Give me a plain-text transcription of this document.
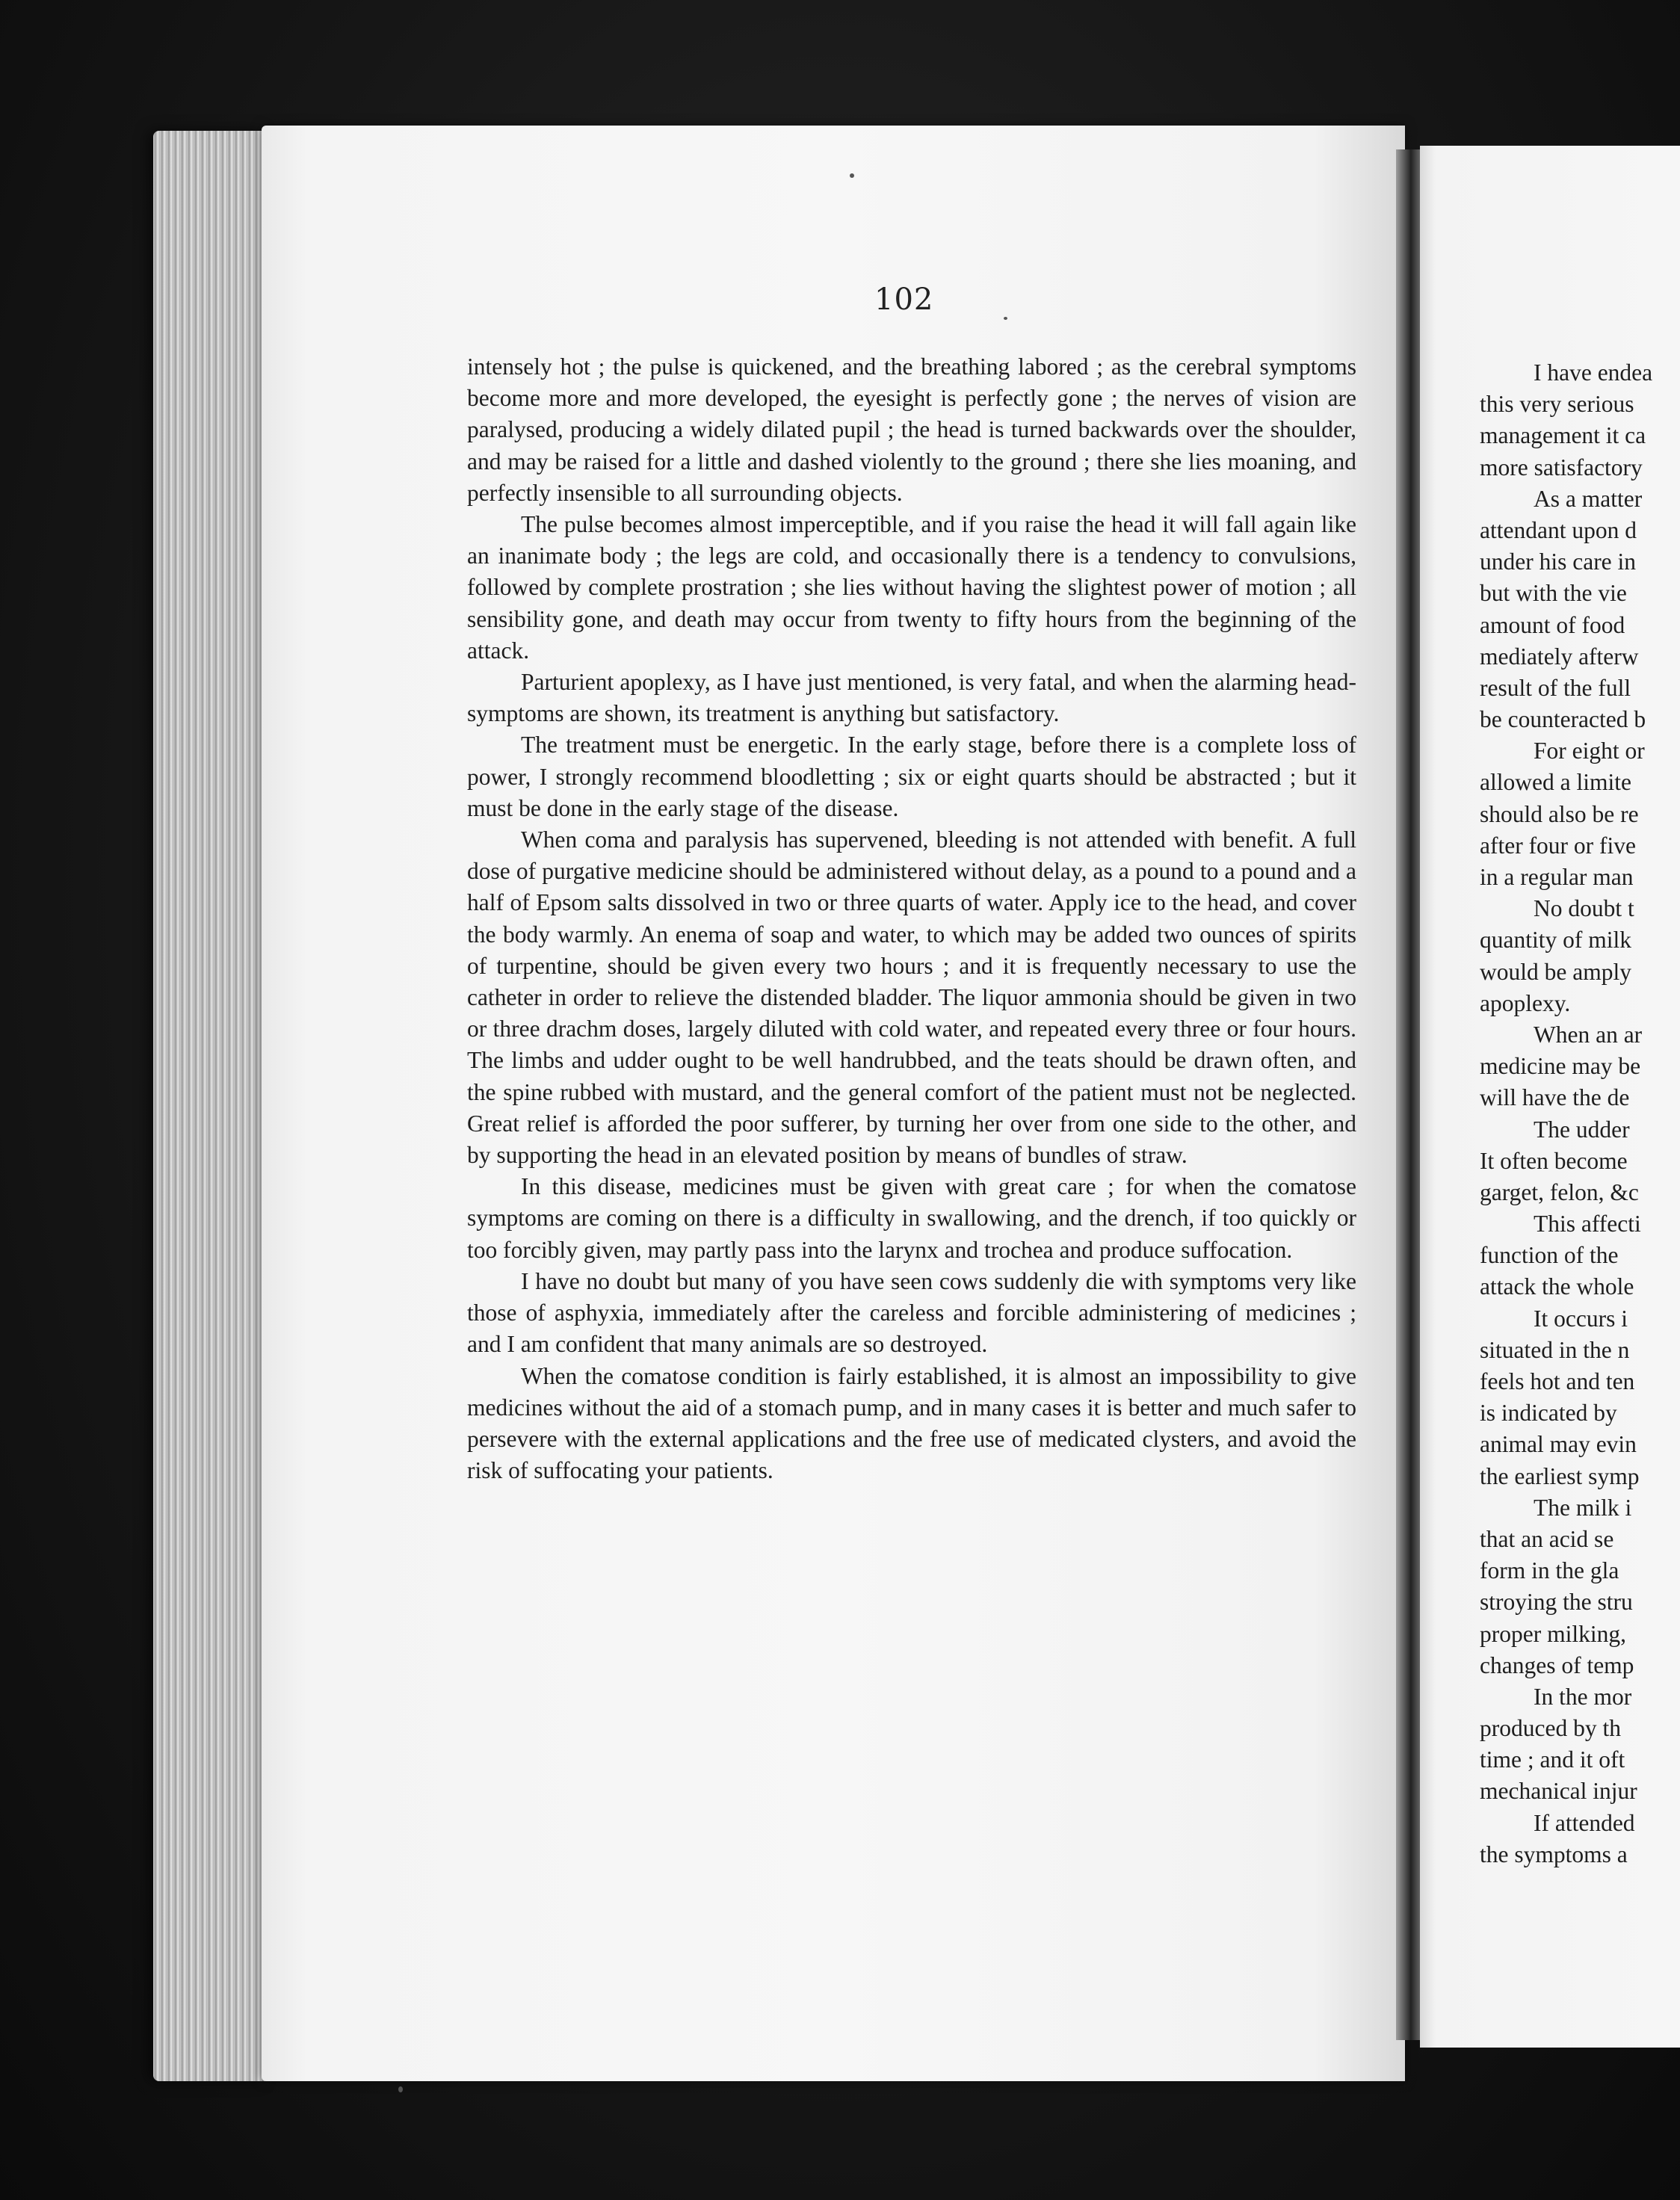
102

intensely hot ; the pulse is quickened, and the breathing labored ; as the cerebral symptoms become more and more developed, the eyesight is perfectly gone ; the nerves of vision are paralysed, producing a widely dilated pupil ; the head is turned backwards over the shoulder, and may be raised for a little and dashed violently to the ground ; there she lies moaning, and perfectly insensible to all surrounding objects.

The pulse becomes almost imperceptible, and if you raise the head it will fall again like an inanimate body ; the legs are cold, and occasionally there is a tendency to convulsions, followed by complete prostration ; she lies without having the slightest power of motion ; all sensibility gone, and death may occur from twenty to fifty hours from the beginning of the attack.

Parturient apoplexy, as I have just mentioned, is very fatal, and when the alarming head-symptoms are shown, its treatment is anything but satisfactory.

The treatment must be energetic. In the early stage, before there is a complete loss of power, I strongly recommend bloodletting ; six or eight quarts should be abstracted ; but it must be done in the early stage of the disease.

When coma and paralysis has supervened, bleeding is not attended with benefit. A full dose of purgative medicine should be administered without delay, as a pound to a pound and a half of Epsom salts dissolved in two or three quarts of water. Apply ice to the head, and cover the body warmly. An enema of soap and water, to which may be added two ounces of spirits of turpentine, should be given every two hours ; and it is frequently necessary to use the catheter in order to relieve the distended bladder. The liquor ammonia should be given in two or three drachm doses, largely diluted with cold water, and repeated every three or four hours. The limbs and udder ought to be well handrubbed, and the teats should be drawn often, and the spine rubbed with mustard, and the general comfort of the patient must not be neglected. Great relief is afforded the poor sufferer, by turning her over from one side to the other, and by supporting the head in an elevated position by means of bundles of straw.

In this disease, medicines must be given with great care ; for when the comatose symptoms are coming on there is a difficulty in swallowing, and the drench, if too quickly or too forcibly given, may partly pass into the larynx and trochea and produce suffocation.

I have no doubt but many of you have seen cows suddenly die with symptoms very like those of asphyxia, immediately after the careless and forcible administering of medicines ; and I am confident that many animals are so destroyed.

When the comatose condition is fairly established, it is almost an impossibility to give medicines without the aid of a stomach pump, and in many cases it is better and much safer to persevere with the external applications and the free use of medicated clysters, and avoid the risk of suffocating your patients.

I have endea
this very serious
management it ca
more satisfactory
As a matter
attendant upon d
under his care in
but with the vie
amount of food
mediately afterw
result of the full
be counteracted b
For eight or
allowed a limite
should also be re
after four or five
in a regular man
No doubt t
quantity of milk
would be amply
apoplexy.
When an ar
medicine may be
will have the de
The udder
It often become
garget, felon, &c
This affecti
function of the
attack the whole
It occurs i
situated in the n
feels hot and ten
is indicated by
animal may evin
the earliest symp
The milk i
that an acid se
form in the gla
stroying the stru
proper milking,
changes of temp
In the mor
produced by th
time ; and it oft
mechanical injur
If attended
the symptoms a
